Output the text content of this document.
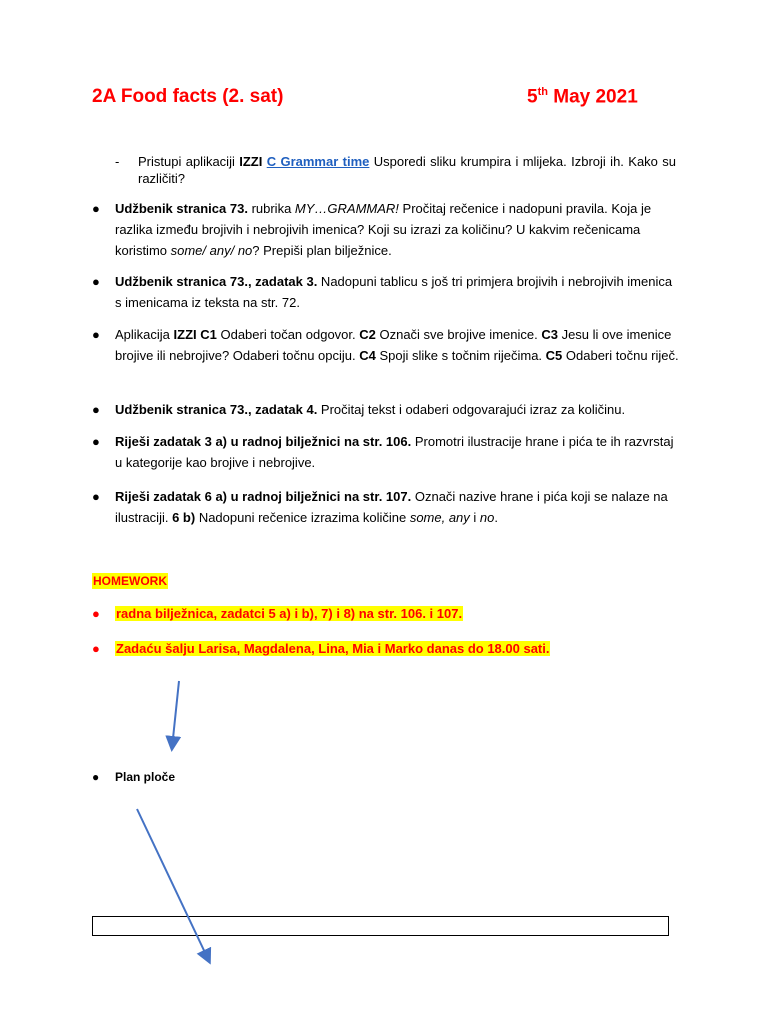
2A Food facts (2. sat)	5th May 2021
- Pristupi aplikaciji IZZI C Grammar time Usporedi sliku krumpira i mlijeka. Izbroji ih. Kako su različiti?
● Udžbenik stranica 73. rubrika MY…GRAMMAR! Pročitaj rečenice i nadopuni pravila. Koja je razlika između brojivih i nebrojivih imenica? Koji su izrazi za količinu? U kakvim rečenicama koristimo some/ any/ no? Prepiši plan bilježnice.
● Udžbenik stranica 73., zadatak 3. Nadopuni tablicu s još tri primjera brojivih i nebrojivih imenica s imenicama iz teksta na str. 72.
● Aplikacija IZZI C1 Odaberi točan odgovor. C2 Označi sve brojive imenice. C3 Jesu li ove imenice brojive ili nebrojive? Odaberi točnu opciju. C4 Spoji slike s točnim riječima. C5 Odaberi točnu riječ.
● Udžbenik stranica 73., zadatak 4. Pročitaj tekst i odaberi odgovarajući izraz za količinu.
● Riješi zadatak 3 a) u radnoj bilježnici na str. 106. Promotri ilustracije hrane i pića te ih razvrstaj u kategorije kao brojive i nebrojive.
● Riješi zadatak 6 a) u radnoj bilježnici na str. 107. Označi nazive hrane i pića koji se nalaze na ilustraciji. 6 b) Nadopuni rečenice izrazima količine some, any i no.
HOMEWORK
● radna bilježnica, zadatci 5 a) i b), 7) i 8) na str. 106. i 107.
● Zadaću šalju Larisa, Magdalena, Lina, Mia i Marko danas do 18.00 sati.
● Plan ploče
